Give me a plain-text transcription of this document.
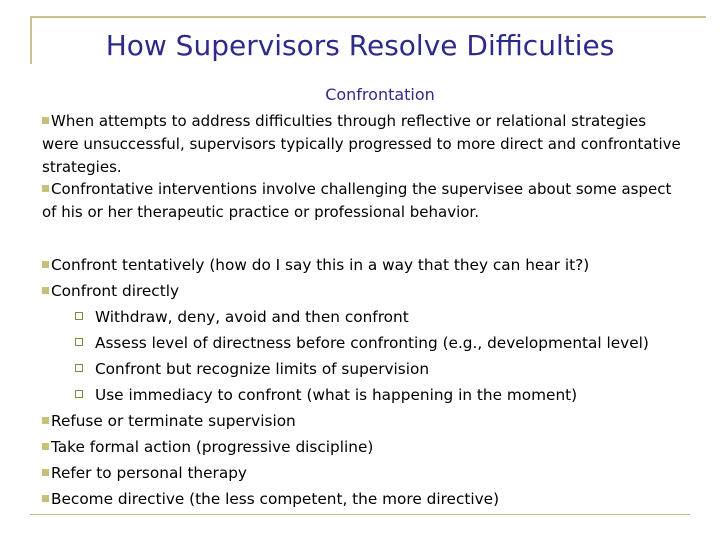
How Supervisors Resolve Difficulties
Confrontation

When attempts to address difficulties through reflective or relational strategies were unsuccessful, supervisors typically progressed to more direct and confrontative strategies.

Confrontative interventions involve challenging the supervisee about some aspect of his or her therapeutic practice or professional behavior.

Confront tentatively (how do I say this in a way that they can hear it?)
Confront directly
Withdraw, deny, avoid and then confront
Assess level of directness before confronting (e.g., developmental level)
Confront but recognize limits of supervision
Use immediacy to confront (what is happening in the moment)
Refuse or terminate supervision
Take formal action (progressive discipline)
Refer to personal therapy
Become directive (the less competent, the more directive)
